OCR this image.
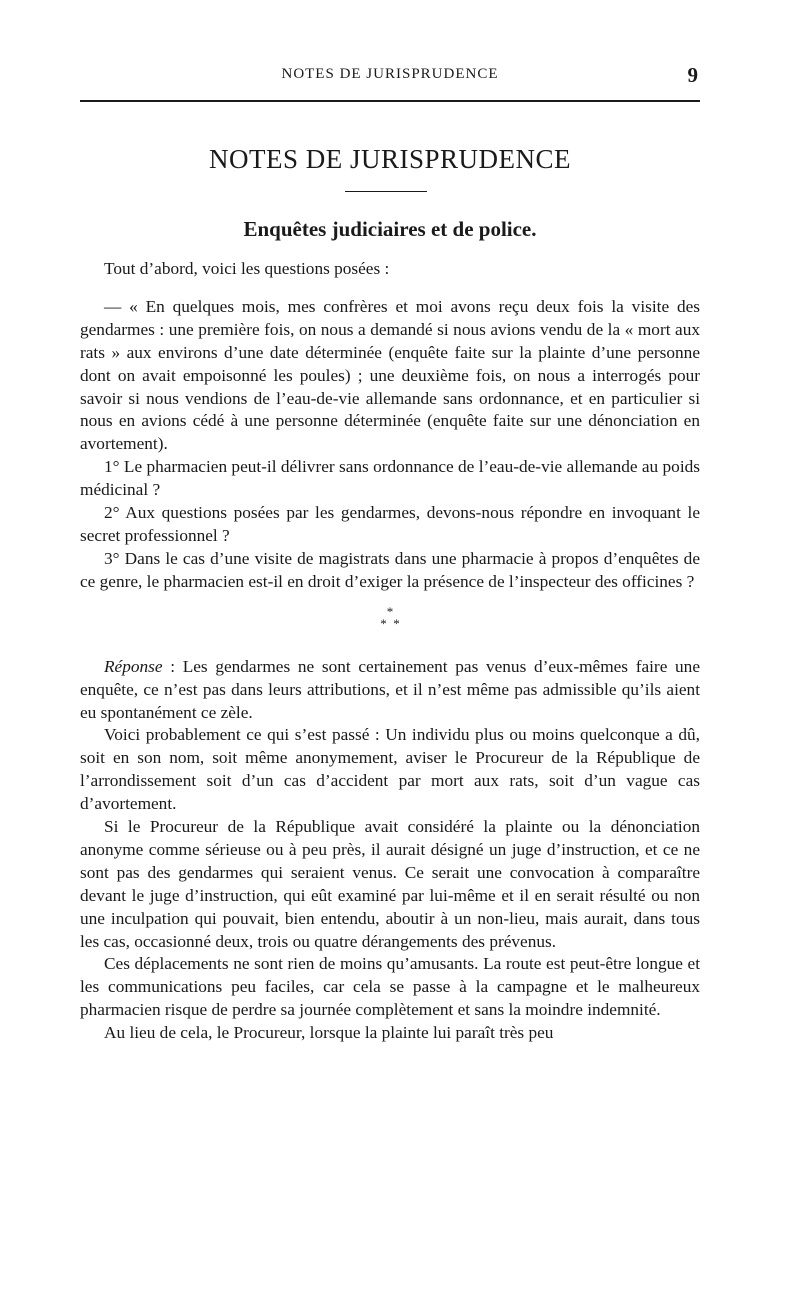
NOTES DE JURISPRUDENCE	9
NOTES DE JURISPRUDENCE
Enquêtes judiciaires et de police.

Tout d’abord, voici les questions posées :

— « En quelques mois, mes confrères et moi avons reçu deux fois la visite des gendarmes : une première fois, on nous a demandé si nous avions vendu de la « mort aux rats » aux environs d’une date déterminée (enquête faite sur la plainte d’une personne dont on avait empoisonné les poules) ; une deuxième fois, on nous a interrogés pour savoir si nous vendions de l’eau-de-vie allemande sans ordonnance, et en particulier si nous en avions cédé à une personne déterminée (enquête faite sur une dénonciation en avortement).

1° Le pharmacien peut-il délivrer sans ordonnance de l’eau-de-vie allemande au poids médicinal ?

2° Aux questions posées par les gendarmes, devons-nous répondre en invoquant le secret professionnel ?

3° Dans le cas d’une visite de magistrats dans une pharmacie à propos d’enquêtes de ce genre, le pharmacien est-il en droit d’exiger la présence de l’inspecteur des officines ?

*
*  *

Réponse : Les gendarmes ne sont certainement pas venus d’eux-mêmes faire une enquête, ce n’est pas dans leurs attributions, et il n’est même pas admissible qu’ils aient eu spontanément ce zèle.

Voici probablement ce qui s’est passé : Un individu plus ou moins quelconque a dû, soit en son nom, soit même anonymement, aviser le Procureur de la République de l’arrondissement soit d’un cas d’accident par mort aux rats, soit d’un vague cas d’avortement.

Si le Procureur de la République avait considéré la plainte ou la dénonciation anonyme comme sérieuse ou à peu près, il aurait désigné un juge d’instruction, et ce ne sont pas des gendarmes qui seraient venus. Ce serait une convocation à comparaître devant le juge d’instruction, qui eût examiné par lui-même et il en serait résulté ou non une inculpation qui pouvait, bien entendu, aboutir à un non-lieu, mais aurait, dans tous les cas, occasionné deux, trois ou quatre dérangements des prévenus.

Ces déplacements ne sont rien de moins qu’amusants. La route est peut-être longue et les communications peu faciles, car cela se passe à la campagne et le malheureux pharmacien risque de perdre sa journée complètement et sans la moindre indemnité.

Au lieu de cela, le Procureur, lorsque la plainte lui paraît très peu
